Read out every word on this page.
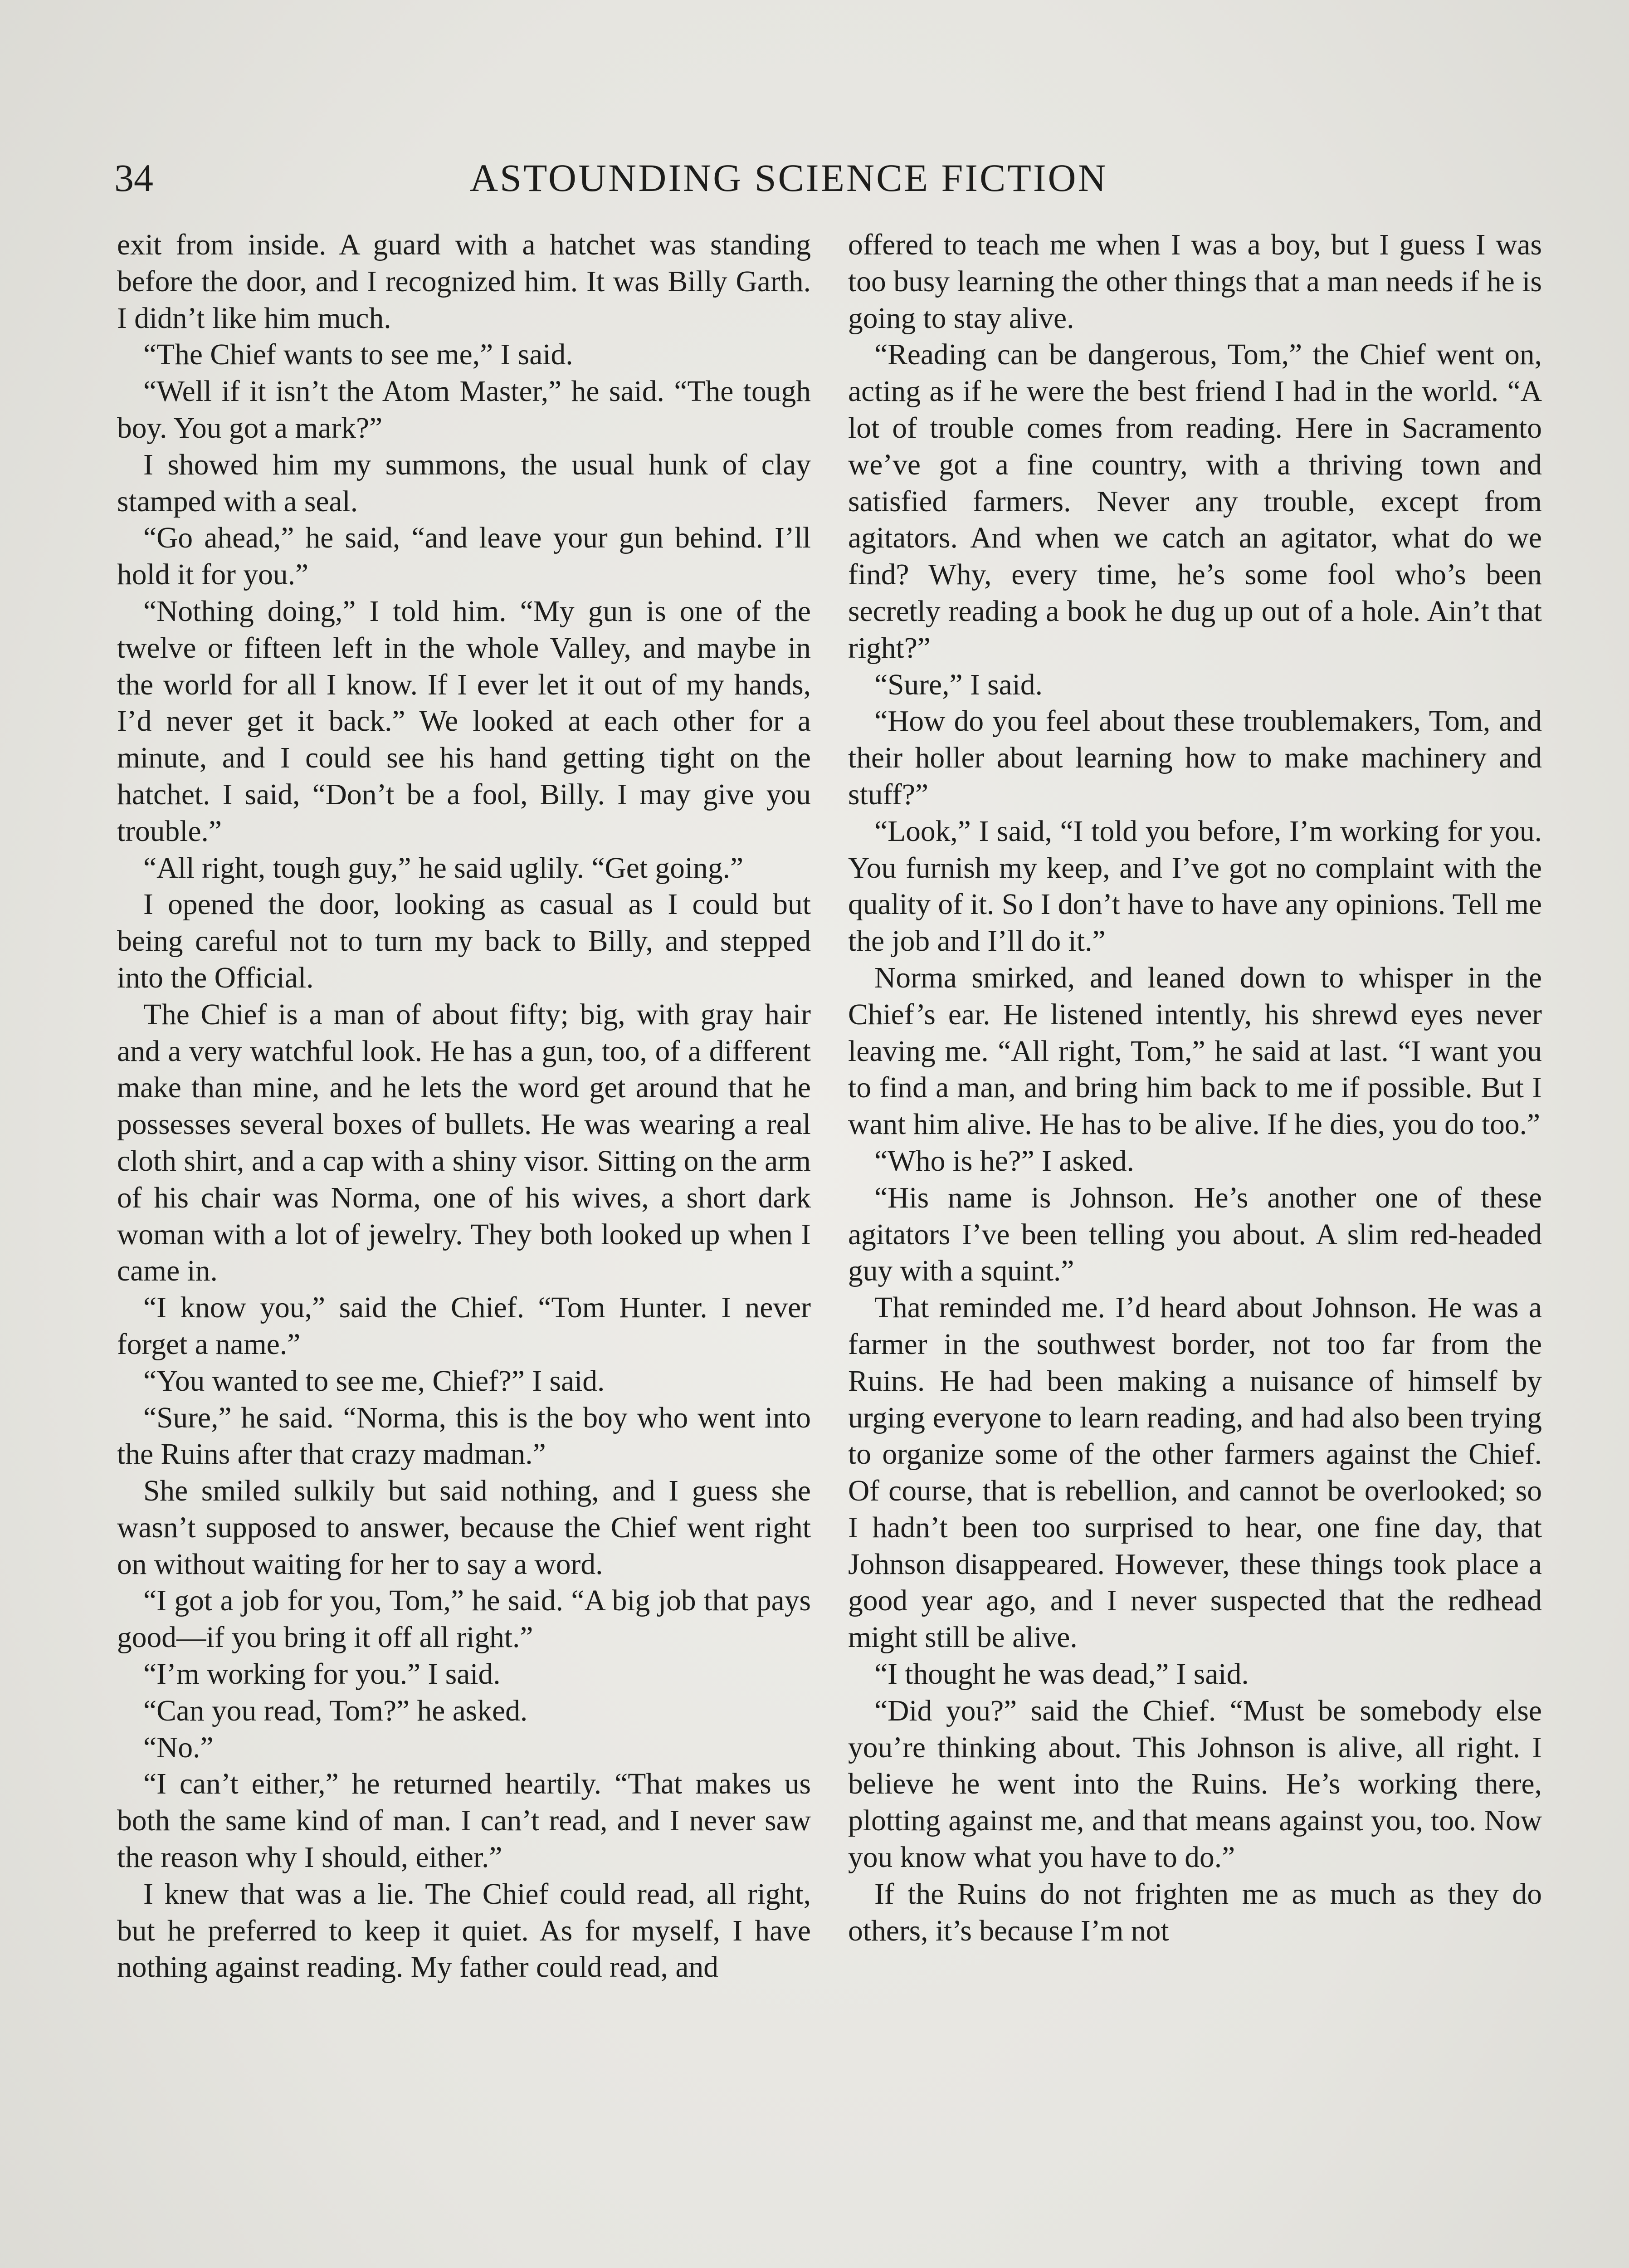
34	ASTOUNDING SCIENCE FICTION

exit from inside. A guard with a hatchet was standing before the door, and I recognized him. It was Billy Garth. I didn’t like him much.

“The Chief wants to see me,” I said.

“Well if it isn’t the Atom Master,” he said. “The tough boy. You got a mark?”

I showed him my summons, the usual hunk of clay stamped with a seal.

“Go ahead,” he said, “and leave your gun behind. I’ll hold it for you.”

“Nothing doing,” I told him. “My gun is one of the twelve or fifteen left in the whole Valley, and maybe in the world for all I know. If I ever let it out of my hands, I’d never get it back.” We looked at each other for a minute, and I could see his hand getting tight on the hatchet. I said, “Don’t be a fool, Billy. I may give you trouble.”

“All right, tough guy,” he said uglily. “Get going.”

I opened the door, looking as casual as I could but being careful not to turn my back to Billy, and stepped into the Official.

The Chief is a man of about fifty; big, with gray hair and a very watchful look. He has a gun, too, of a different make than mine, and he lets the word get around that he possesses several boxes of bullets. He was wearing a real cloth shirt, and a cap with a shiny visor. Sitting on the arm of his chair was Norma, one of his wives, a short dark woman with a lot of jewelry. They both looked up when I came in.

“I know you,” said the Chief. “Tom Hunter. I never forget a name.”

“You wanted to see me, Chief?” I said.

“Sure,” he said. “Norma, this is the boy who went into the Ruins after that crazy madman.”

She smiled sulkily but said nothing, and I guess she wasn’t supposed to answer, because the Chief went right on without waiting for her to say a word.

“I got a job for you, Tom,” he said. “A big job that pays good—if you bring it off all right.”

“I’m working for you.” I said.

“Can you read, Tom?” he asked.

“No.”

“I can’t either,” he returned heartily. “That makes us both the same kind of man. I can’t read, and I never saw the reason why I should, either.”

I knew that was a lie. The Chief could read, all right, but he preferred to keep it quiet. As for myself, I have nothing against reading. My father could read, and

offered to teach me when I was a boy, but I guess I was too busy learning the other things that a man needs if he is going to stay alive.

“Reading can be dangerous, Tom,” the Chief went on, acting as if he were the best friend I had in the world. “A lot of trouble comes from reading. Here in Sacramento we’ve got a fine country, with a thriving town and satisfied farmers. Never any trouble, except from agitators. And when we catch an agitator, what do we find? Why, every time, he’s some fool who’s been secretly reading a book he dug up out of a hole. Ain’t that right?”

“Sure,” I said.

“How do you feel about these troublemakers, Tom, and their holler about learning how to make machinery and stuff?”

“Look,” I said, “I told you before, I’m working for you. You furnish my keep, and I’ve got no complaint with the quality of it. So I don’t have to have any opinions. Tell me the job and I’ll do it.”

Norma smirked, and leaned down to whisper in the Chief’s ear. He listened intently, his shrewd eyes never leaving me. “All right, Tom,” he said at last. “I want you to find a man, and bring him back to me if possible. But I want him alive. He has to be alive. If he dies, you do too.”

“Who is he?” I asked.

“His name is Johnson. He’s another one of these agitators I’ve been telling you about. A slim red-headed guy with a squint.”

That reminded me. I’d heard about Johnson. He was a farmer in the southwest border, not too far from the Ruins. He had been making a nuisance of himself by urging everyone to learn reading, and had also been trying to organize some of the other farmers against the Chief. Of course, that is rebellion, and cannot be overlooked; so I hadn’t been too surprised to hear, one fine day, that Johnson disappeared. However, these things took place a good year ago, and I never suspected that the redhead might still be alive.

“I thought he was dead,” I said.

“Did you?” said the Chief. “Must be somebody else you’re thinking about. This Johnson is alive, all right. I believe he went into the Ruins. He’s working there, plotting against me, and that means against you, too. Now you know what you have to do.”

If the Ruins do not frighten me as much as they do others, it’s because I’m not
